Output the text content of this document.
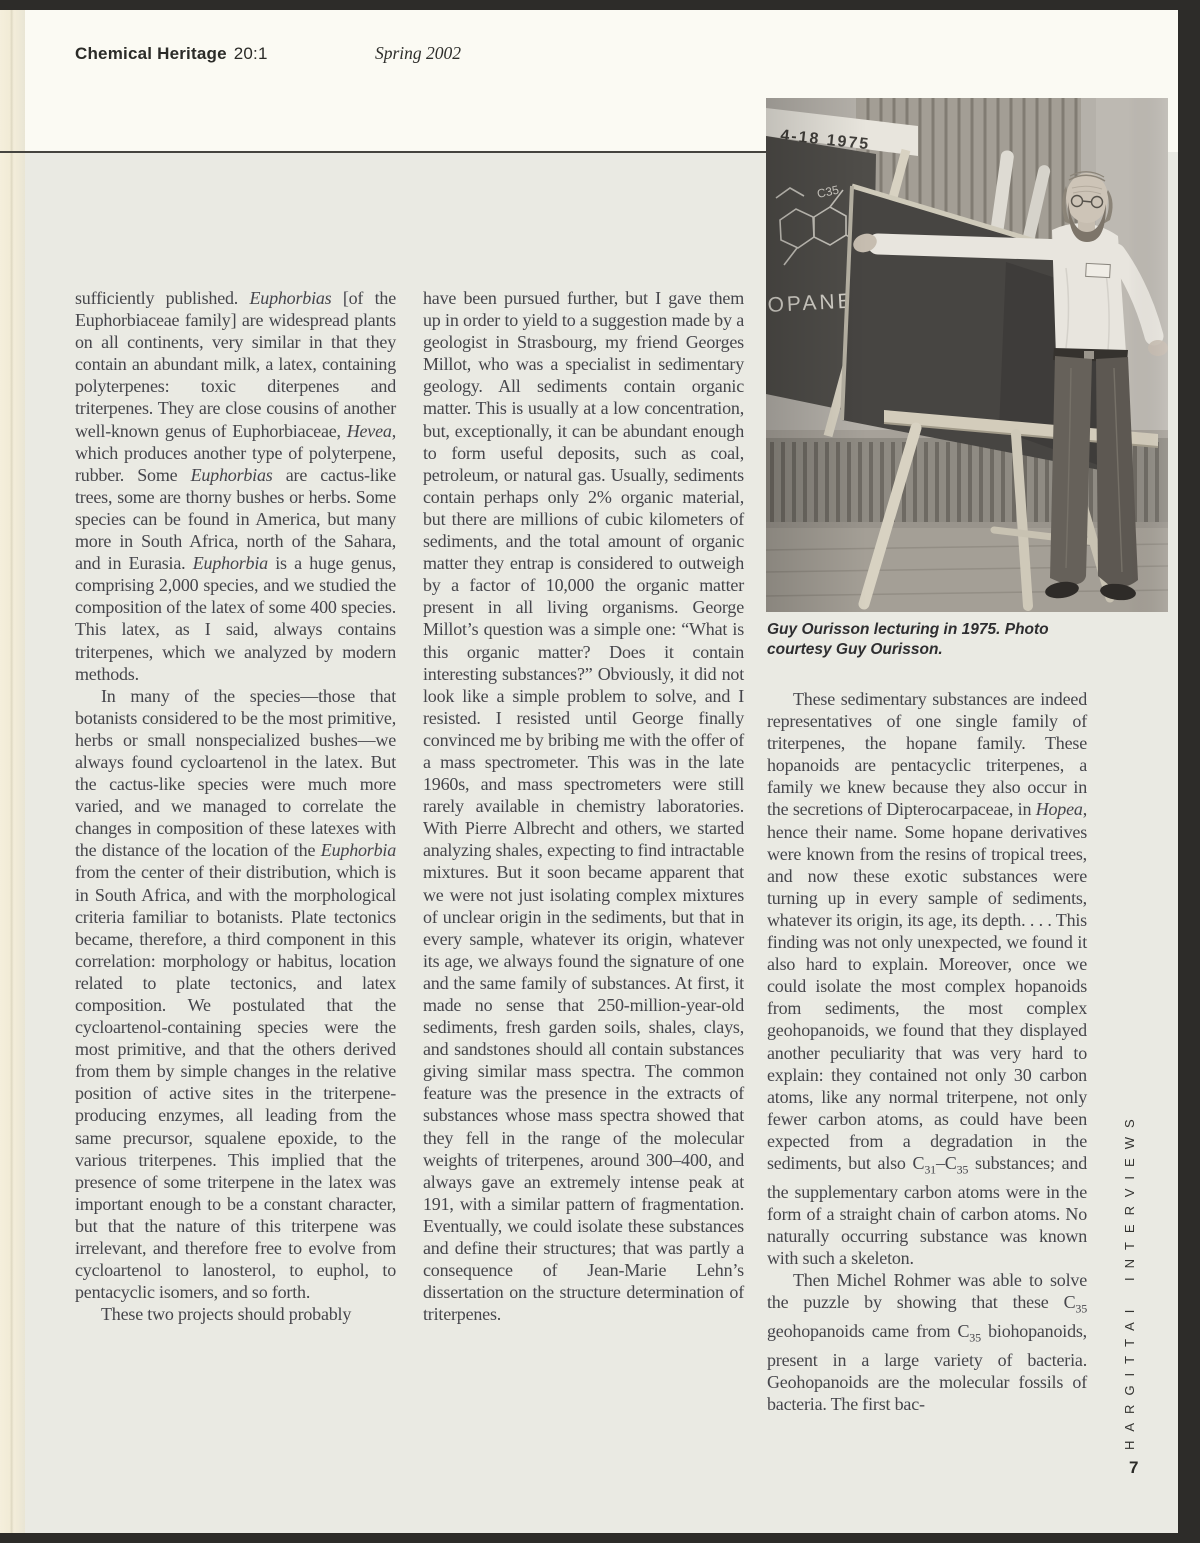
Chemical Heritage 20:1	Spring 2002
Guy Ourisson lecturing in 1975. Photo courtesy Guy Ourisson.

sufficiently published. Euphorbias [of the Euphorbiaceae family] are widespread plants on all continents, very similar in that they contain an abundant milk, a latex, containing polyterpenes: toxic diterpenes and triterpenes. They are close cousins of another well-known genus of Euphorbiaceae, Hevea, which produces another type of polyterpene, rubber. Some Euphorbias are cactus-like trees, some are thorny bushes or herbs. Some species can be found in America, but many more in South Africa, north of the Sahara, and in Eurasia. Euphorbia is a huge genus, comprising 2,000 species, and we studied the composition of the latex of some 400 species. This latex, as I said, always contains triterpenes, which we analyzed by modern methods.

In many of the species—those that botanists considered to be the most primitive, herbs or small nonspecialized bushes—we always found cycloartenol in the latex. But the cactus-like species were much more varied, and we managed to correlate the changes in composition of these latexes with the distance of the location of the Euphorbia from the center of their distribution, which is in South Africa, and with the morphological criteria familiar to botanists. Plate tectonics became, therefore, a third component in this correlation: morphology or habitus, location related to plate tectonics, and latex composition. We postulated that the cycloartenol-containing species were the most primitive, and that the others derived from them by simple changes in the relative position of active sites in the triterpene-producing enzymes, all leading from the same precursor, squalene epoxide, to the various triterpenes. This implied that the presence of some triterpene in the latex was important enough to be a constant character, but that the nature of this triterpene was irrelevant, and therefore free to evolve from cycloartenol to lanosterol, to euphol, to pentacyclic isomers, and so forth.

These two projects should probably

have been pursued further, but I gave them up in order to yield to a suggestion made by a geologist in Strasbourg, my friend Georges Millot, who was a specialist in sedimentary geology. All sediments contain organic matter. This is usually at a low concentration, but, exceptionally, it can be abundant enough to form useful deposits, such as coal, petroleum, or natural gas. Usually, sediments contain perhaps only 2% organic material, but there are millions of cubic kilometers of sediments, and the total amount of organic matter they entrap is considered to outweigh by a factor of 10,000 the organic matter present in all living organisms. George Millot’s question was a simple one: “What is this organic matter? Does it contain interesting substances?” Obviously, it did not look like a simple problem to solve, and I resisted. I resisted until George finally convinced me by bribing me with the offer of a mass spectrometer. This was in the late 1960s, and mass spectrometers were still rarely available in chemistry laboratories. With Pierre Albrecht and others, we started analyzing shales, expecting to find intractable mixtures. But it soon became apparent that we were not just isolating complex mixtures of unclear origin in the sediments, but that in every sample, whatever its origin, whatever its age, we always found the signature of one and the same family of substances. At first, it made no sense that 250-million-year-old sediments, fresh garden soils, shales, clays, and sandstones should all contain substances giving similar mass spectra. The common feature was the presence in the extracts of substances whose mass spectra showed that they fell in the range of the molecular weights of triterpenes, around 300–400, and always gave an extremely intense peak at 191, with a similar pattern of fragmentation. Eventually, we could isolate these substances and define their structures; that was partly a consequence of Jean-Marie Lehn’s dissertation on the structure determination of triterpenes.

These sedimentary substances are indeed representatives of one single family of triterpenes, the hopane family. These hopanoids are pentacyclic triterpenes, a family we knew because they also occur in the secretions of Dipterocarpaceae, in Hopea, hence their name. Some hopane derivatives were known from the resins of tropical trees, and now these exotic substances were turning up in every sample of sediments, whatever its origin, its age, its depth. . . . This finding was not only unexpected, we found it also hard to explain. Moreover, once we could isolate the most complex hopanoids from sediments, the most complex geohopanoids, we found that they displayed another peculiarity that was very hard to explain: they contained not only 30 carbon atoms, like any normal triterpene, not only fewer carbon atoms, as could have been expected from a degradation in the sediments, but also $C_{31}-C_{35}$ substances; and the supplementary carbon atoms were in the form of a straight chain of carbon atoms. No naturally occurring substance was known with such a skeleton.

Then Michel Rohmer was able to solve the puzzle by showing that these $C_{35}$ geohopanoids came from $C_{35}$ biohopanoids, present in a large variety of bacteria. Geohopanoids are the molecular fossils of bacteria. The first bac-	HARGITTAI INTERVIEWS
7
